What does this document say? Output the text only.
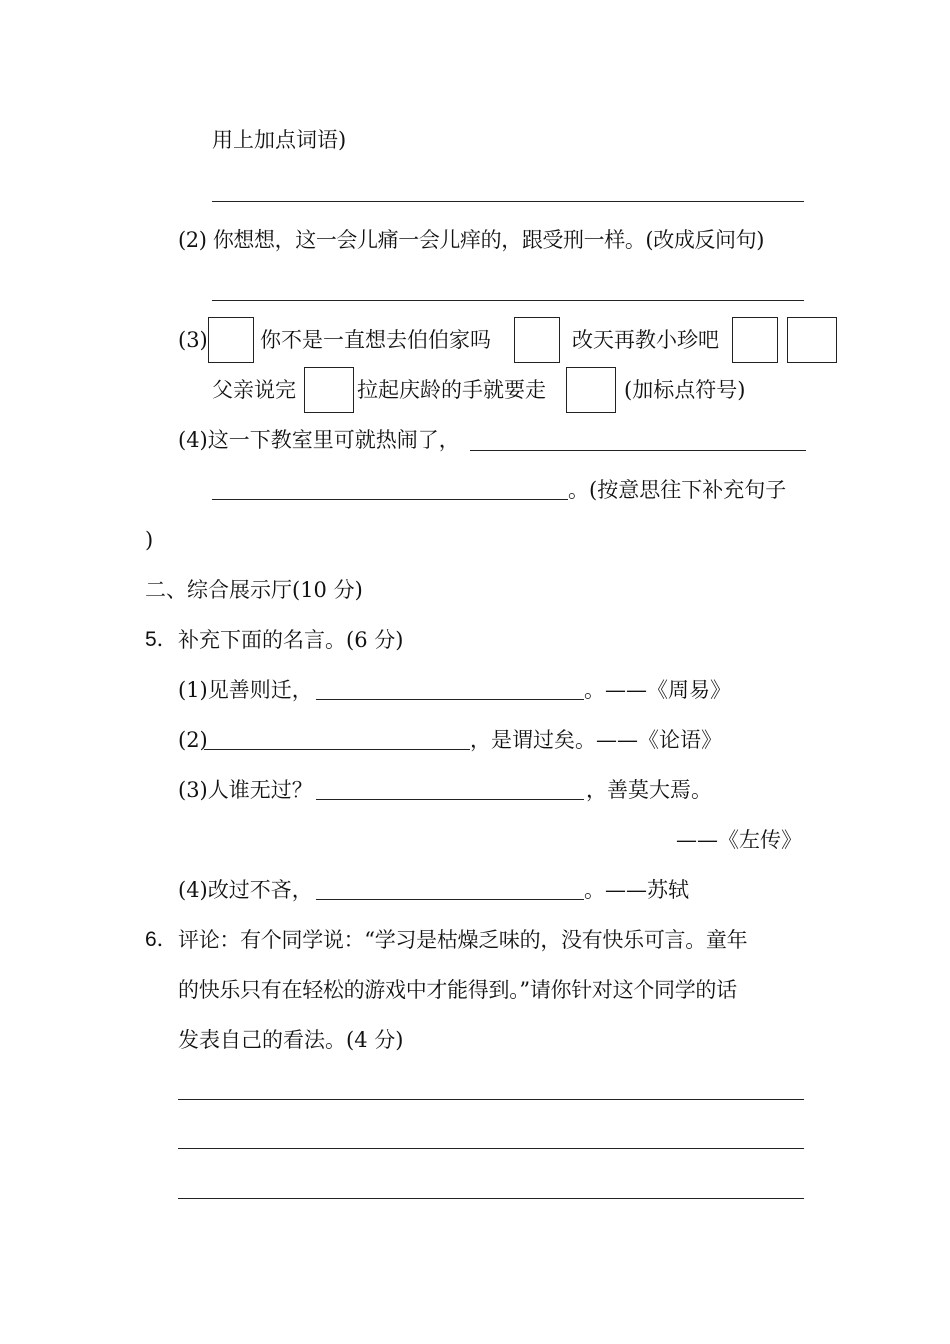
用上加点词语)
(2) 你想想，这一会儿痛一会儿痒的，跟受刑一样。(改成反问句)
(3) 你不是一直想去伯伯家吗	改天再教小珍吧
父亲说完	拉起庆龄的手就要走	(加标点符号)
(4)这一下教室里可就热闹了，
。(按意思往下补充句子
)
二、综合展示厅(10 分)
5． 补充下面的名言。(6 分)
(1)见善则迁，	。——《周易》
(2)	，是谓过矣。——《论语》
(3)人谁无过？	，善莫大焉。
——《左传》
(4)改过不吝，	。——苏轼
6． 评论：有个同学说：“学习是枯燥乏味的，没有快乐可言。童年
的快乐只有在轻松的游戏中才能得到。”请你针对这个同学的话
发表自己的看法。(4 分)
